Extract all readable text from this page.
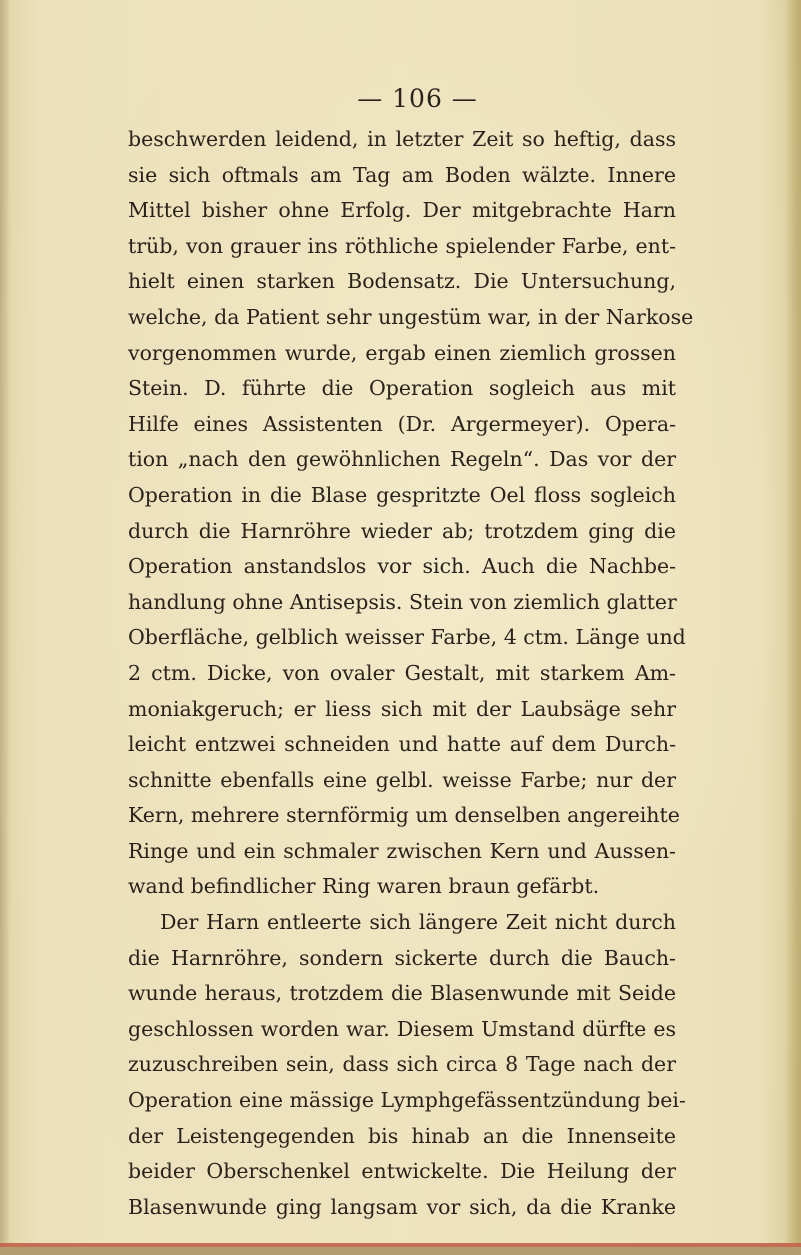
— 106 —
beschwerden leidend, in letzter Zeit so heftig, dass
sie sich oftmals am Tag am Boden wälzte. Innere
Mittel bisher ohne Erfolg. Der mitgebrachte Harn
trüb, von grauer ins röthliche spielender Farbe, ent-
hielt einen starken Bodensatz. Die Untersuchung,
welche, da Patient sehr ungestüm war, in der Narkose
vorgenommen wurde, ergab einen ziemlich grossen
Stein. D. führte die Operation sogleich aus mit
Hilfe eines Assistenten (Dr. Argermeyer). Opera-
tion „nach den gewöhnlichen Regeln“. Das vor der
Operation in die Blase gespritzte Oel floss sogleich
durch die Harnröhre wieder ab; trotzdem ging die
Operation anstandslos vor sich. Auch die Nachbe-
handlung ohne Antisepsis. Stein von ziemlich glatter
Oberfläche, gelblich weisser Farbe, 4 ctm. Länge und
2 ctm. Dicke, von ovaler Gestalt, mit starkem Am-
moniakgeruch; er liess sich mit der Laubsäge sehr
leicht entzwei schneiden und hatte auf dem Durch-
schnitte ebenfalls eine gelbl. weisse Farbe; nur der
Kern, mehrere sternförmig um denselben angereihte
Ringe und ein schmaler zwischen Kern und Aussen-
wand befindlicher Ring waren braun gefärbt.
Der Harn entleerte sich längere Zeit nicht durch
die Harnröhre, sondern sickerte durch die Bauch-
wunde heraus, trotzdem die Blasenwunde mit Seide
geschlossen worden war. Diesem Umstand dürfte es
zuzuschreiben sein, dass sich circa 8 Tage nach der
Operation eine mässige Lymphgefässentzündung bei-
der Leistengegenden bis hinab an die Innenseite
beider Oberschenkel entwickelte. Die Heilung der
Blasenwunde ging langsam vor sich, da die Kranke
